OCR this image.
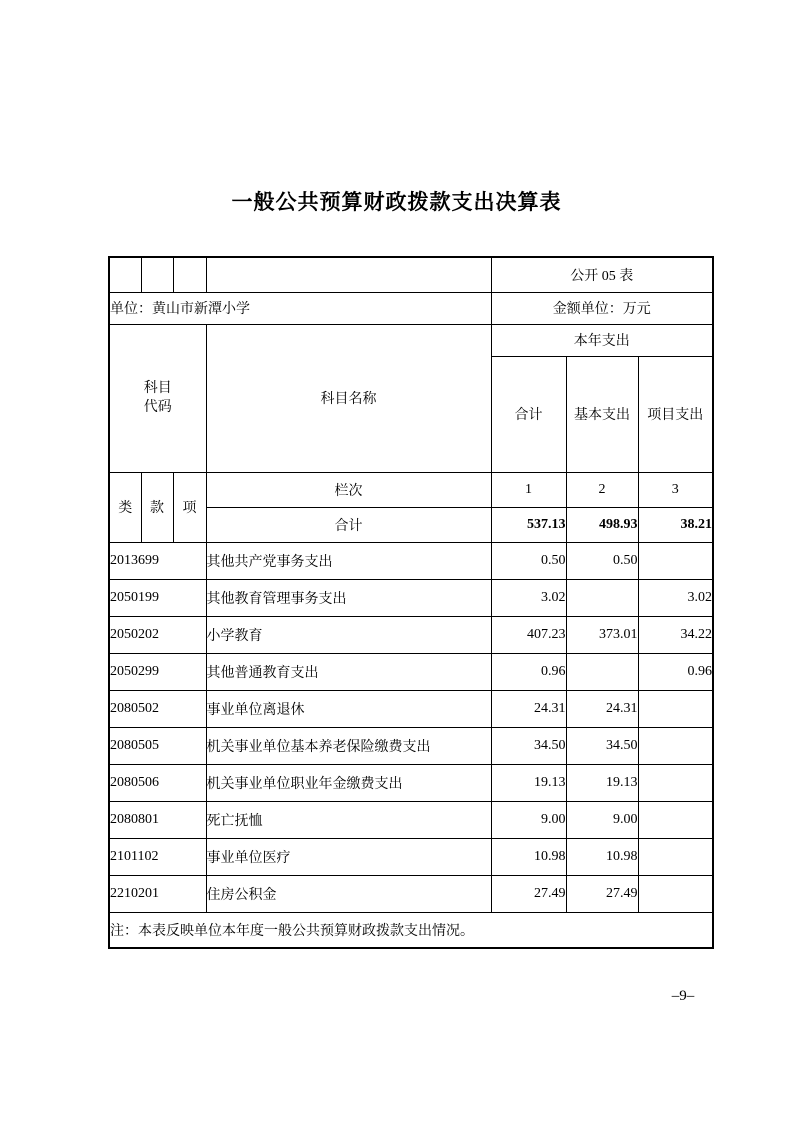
一般公共预算财政拨款支出决算表
				公开 05 表		
单位：黄山市新潭小学				金额单位：万元		

科目
代码			科目名称	本年支出		
				合计	基本支出	项目支出
类	款	项	栏次	1	2	3
			合计	537.13	498.93	38.21
2013699			其他共产党事务支出	0.50	0.50	
2050199			其他教育管理事务支出	3.02		3.02
2050202			小学教育	407.23	373.01	34.22
2050299			其他普通教育支出	0.96		0.96
2080502			事业单位离退休	24.31	24.31	
2080505			机关事业单位基本养老保险缴费支出	34.50	34.50	
2080506			机关事业单位职业年金缴费支出	19.13	19.13	
2080801			死亡抚恤	9.00	9.00	
2101102			事业单位医疗	10.98	10.98	
2210201			住房公积金	27.49	27.49	
注：本表反映单位本年度一般公共预算财政拨款支出情况。						
–9–
